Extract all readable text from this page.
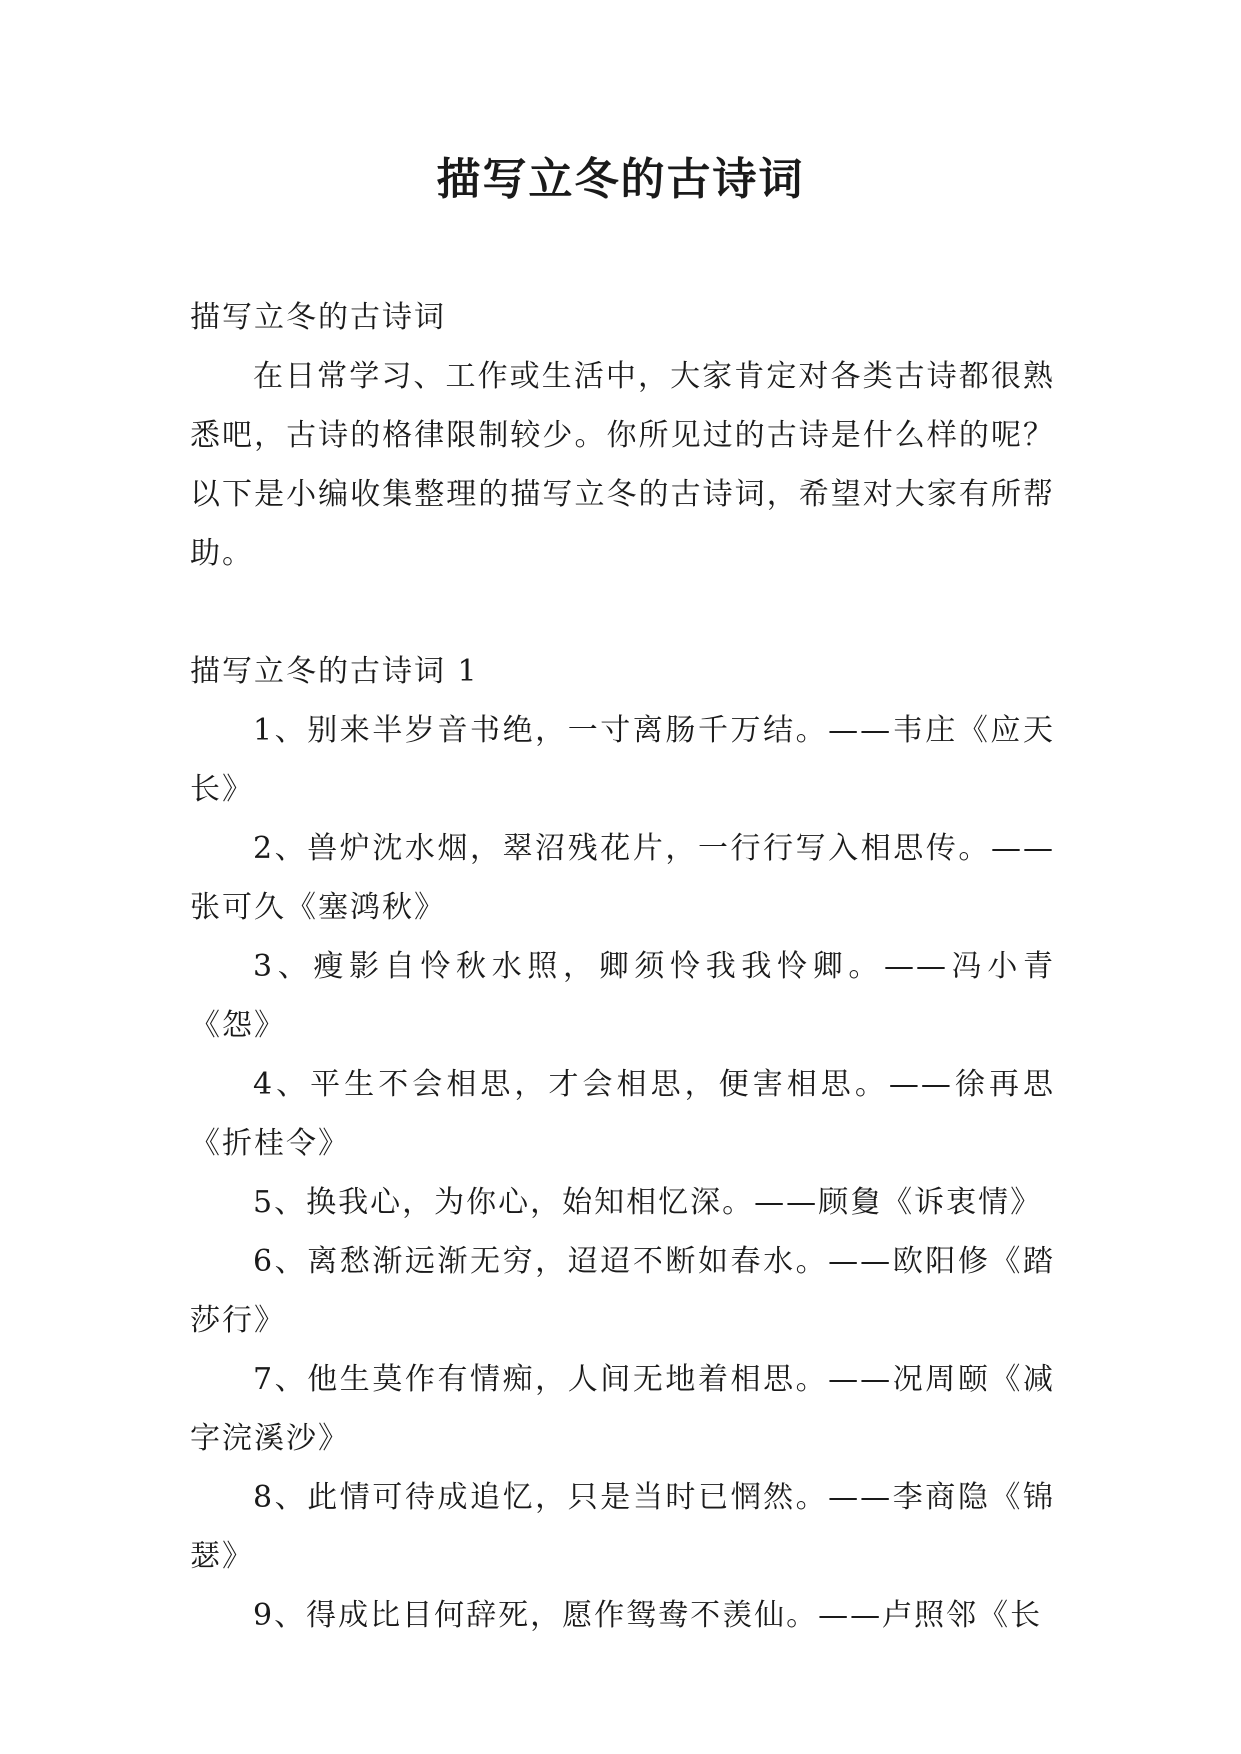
描写立冬的古诗词

描写立冬的古诗词

在日常学习、工作或生活中，大家肯定对各类古诗都很熟悉吧，古诗的格律限制较少。你所见过的古诗是什么样的呢？以下是小编收集整理的描写立冬的古诗词，希望对大家有所帮助。

描写立冬的古诗词 1

1、别来半岁音书绝，一寸离肠千万结。——韦庄《应天长》

2、兽炉沈水烟，翠沼残花片，一行行写入相思传。——张可久《塞鸿秋》

3、瘦影自怜秋水照，卿须怜我我怜卿。——冯小青《怨》

4、平生不会相思，才会相思，便害相思。——徐再思《折桂令》

5、换我心，为你心，始知相忆深。——顾敻《诉衷情》

6、离愁渐远渐无穷，迢迢不断如春水。——欧阳修《踏莎行》

7、他生莫作有情痴，人间无地着相思。——况周颐《减字浣溪沙》

8、此情可待成追忆，只是当时已惘然。——李商隐《锦瑟》

9、得成比目何辞死，愿作鸳鸯不羡仙。——卢照邻《长
